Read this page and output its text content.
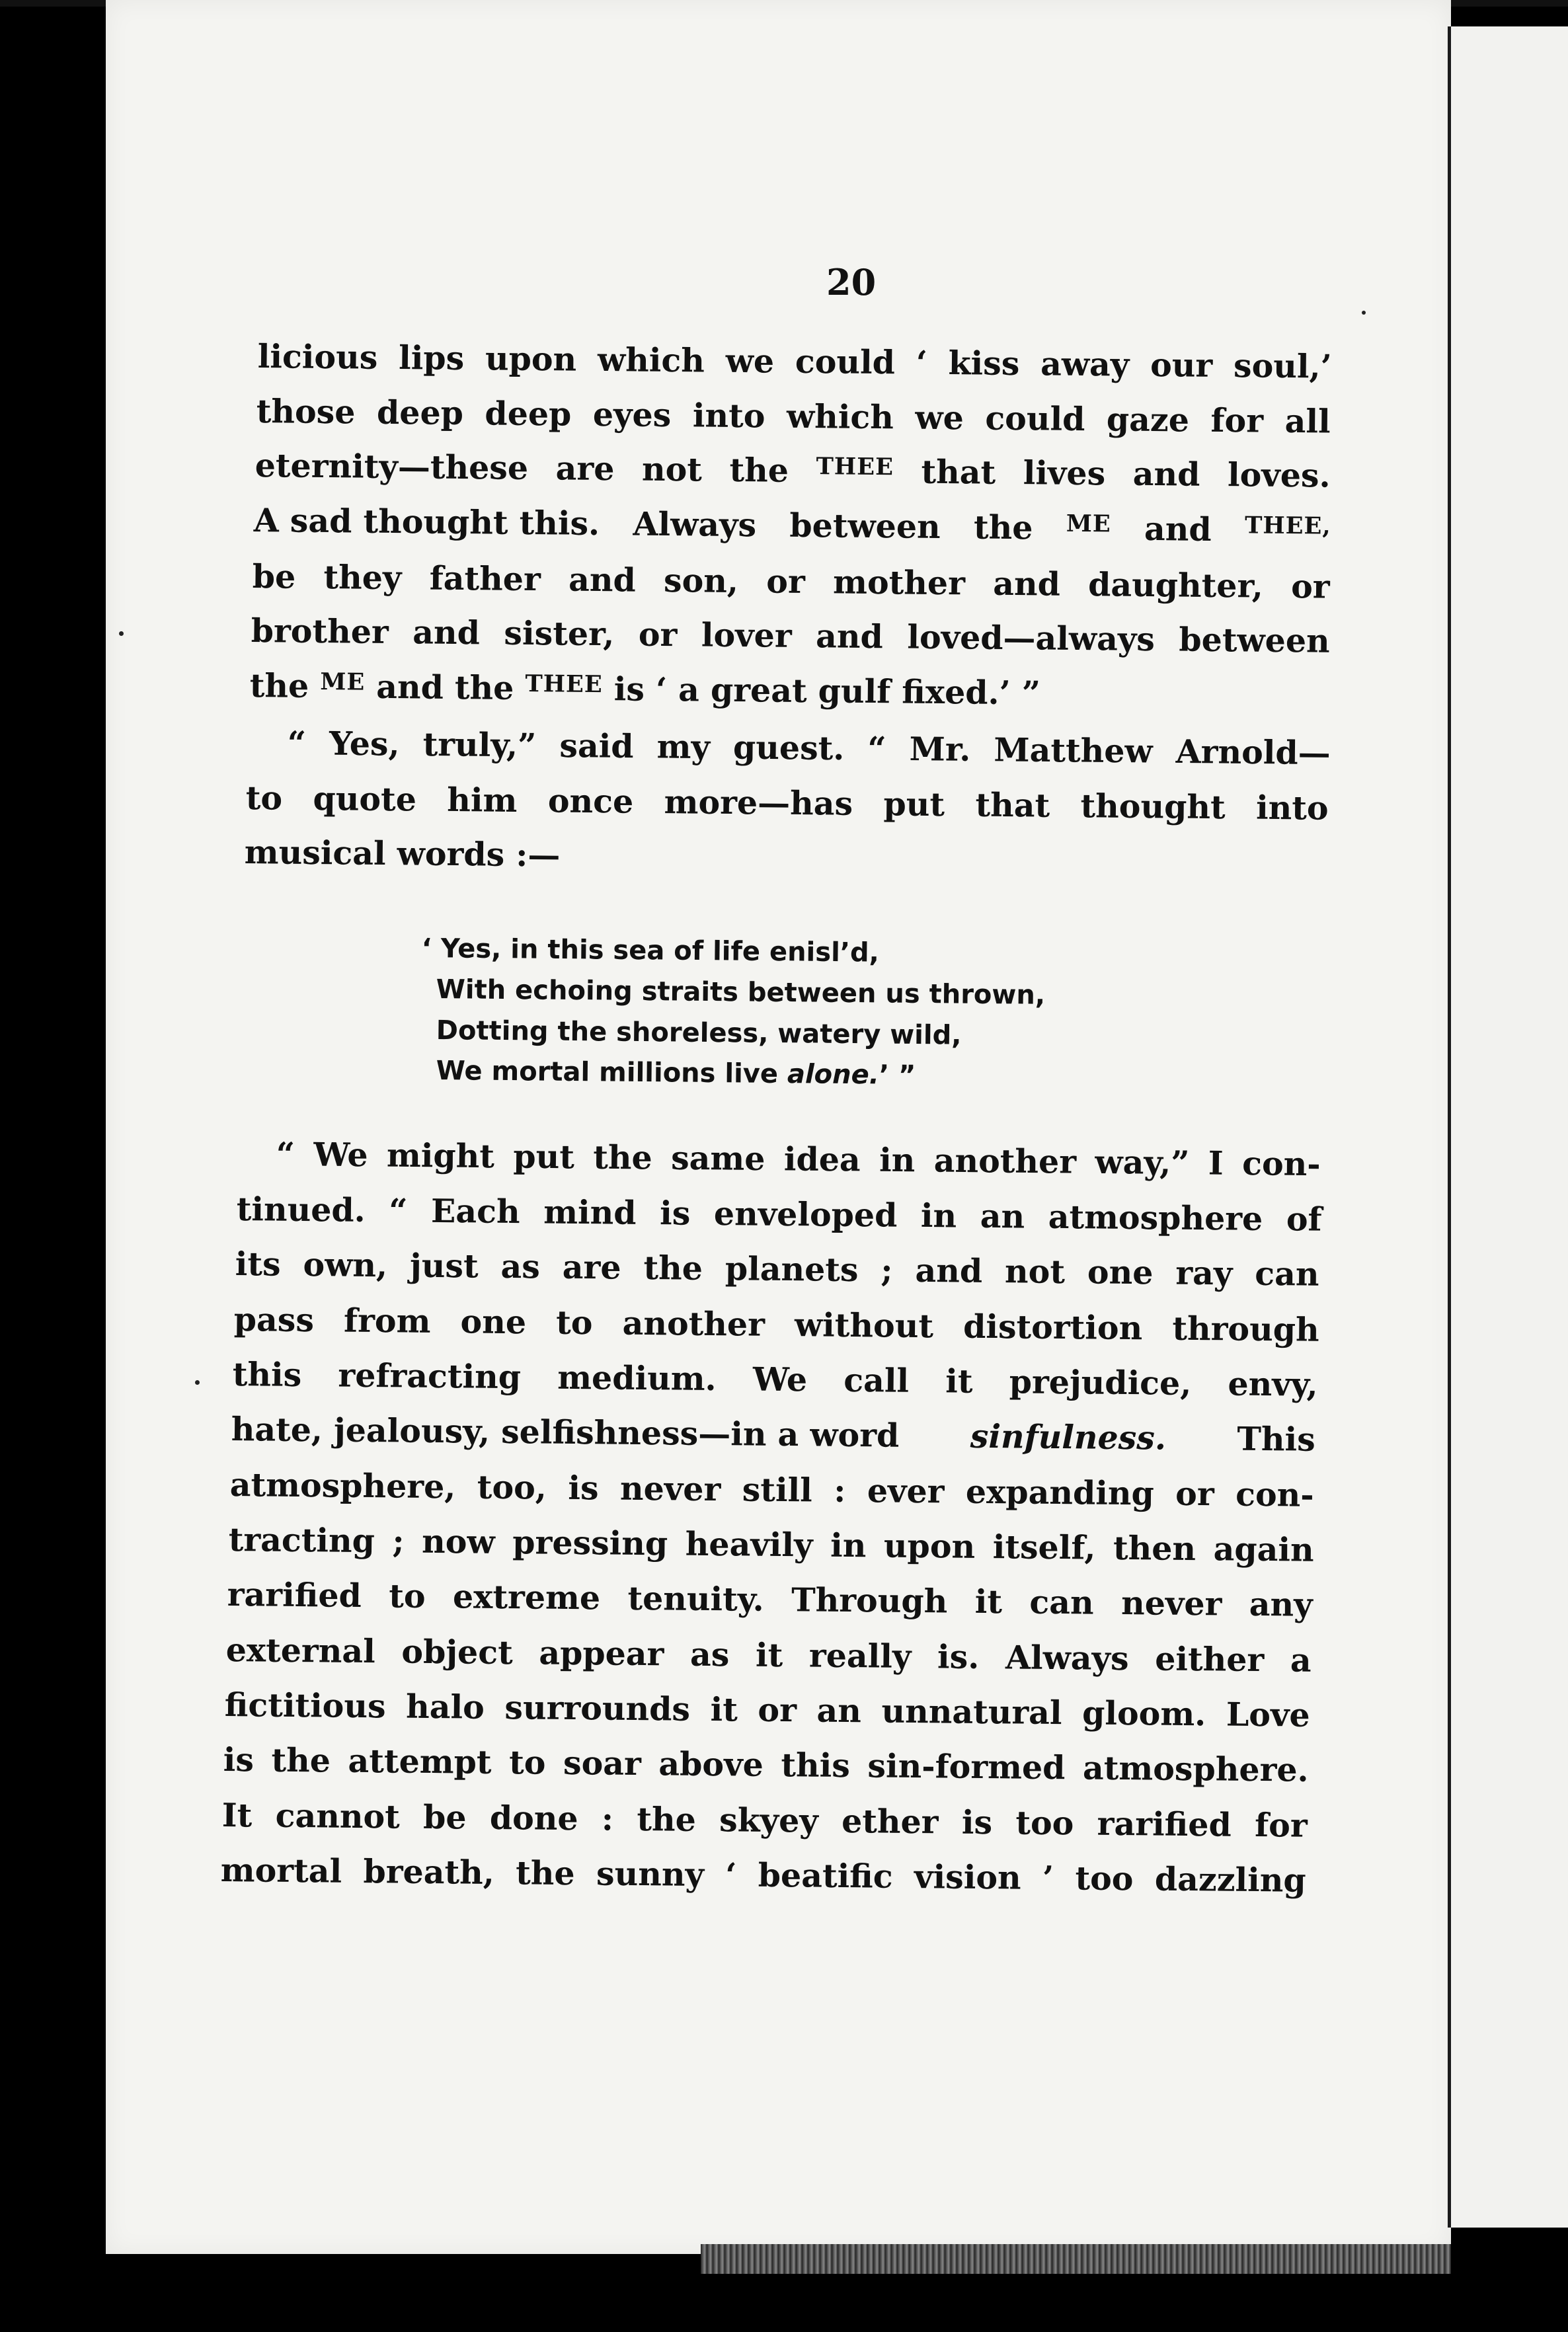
20
licious lips upon which we could ‘ kiss away our soul,’
those deep deep eyes into which we could gaze for all
eternity—these are not the THEE that lives and loves.
A sad thought this. Always between the ME and THEE,
be they father and son, or mother and daughter, or
brother and sister, or lover and loved—always between
the ME and the THEE is ‘ a great gulf fixed.’ ”
“ Yes, truly,” said my guest. “ Mr. Matthew Arnold—
to quote him once more—has put that thought into
musical words :—
‘ Yes, in this sea of life enisl’d,
With echoing straits between us thrown,
Dotting the shoreless, watery wild,
We mortal millions live alone.’ ”
“ We might put the same idea in another way,” I con-
tinued. “ Each mind is enveloped in an atmosphere of
its own, just as are the planets ; and not one ray can
pass from one to another without distortion through
this refracting medium. We call it prejudice, envy,
hate, jealousy, selfishness—in a word sinfulness. This
atmosphere, too, is never still : ever expanding or con-
tracting ; now pressing heavily in upon itself, then again
rarified to extreme tenuity. Through it can never any
external object appear as it really is. Always either a
fictitious halo surrounds it or an unnatural gloom. Love
is the attempt to soar above this sin-formed atmosphere.
It cannot be done : the skyey ether is too rarified for
mortal breath, the sunny ‘ beatific vision ’ too dazzling
